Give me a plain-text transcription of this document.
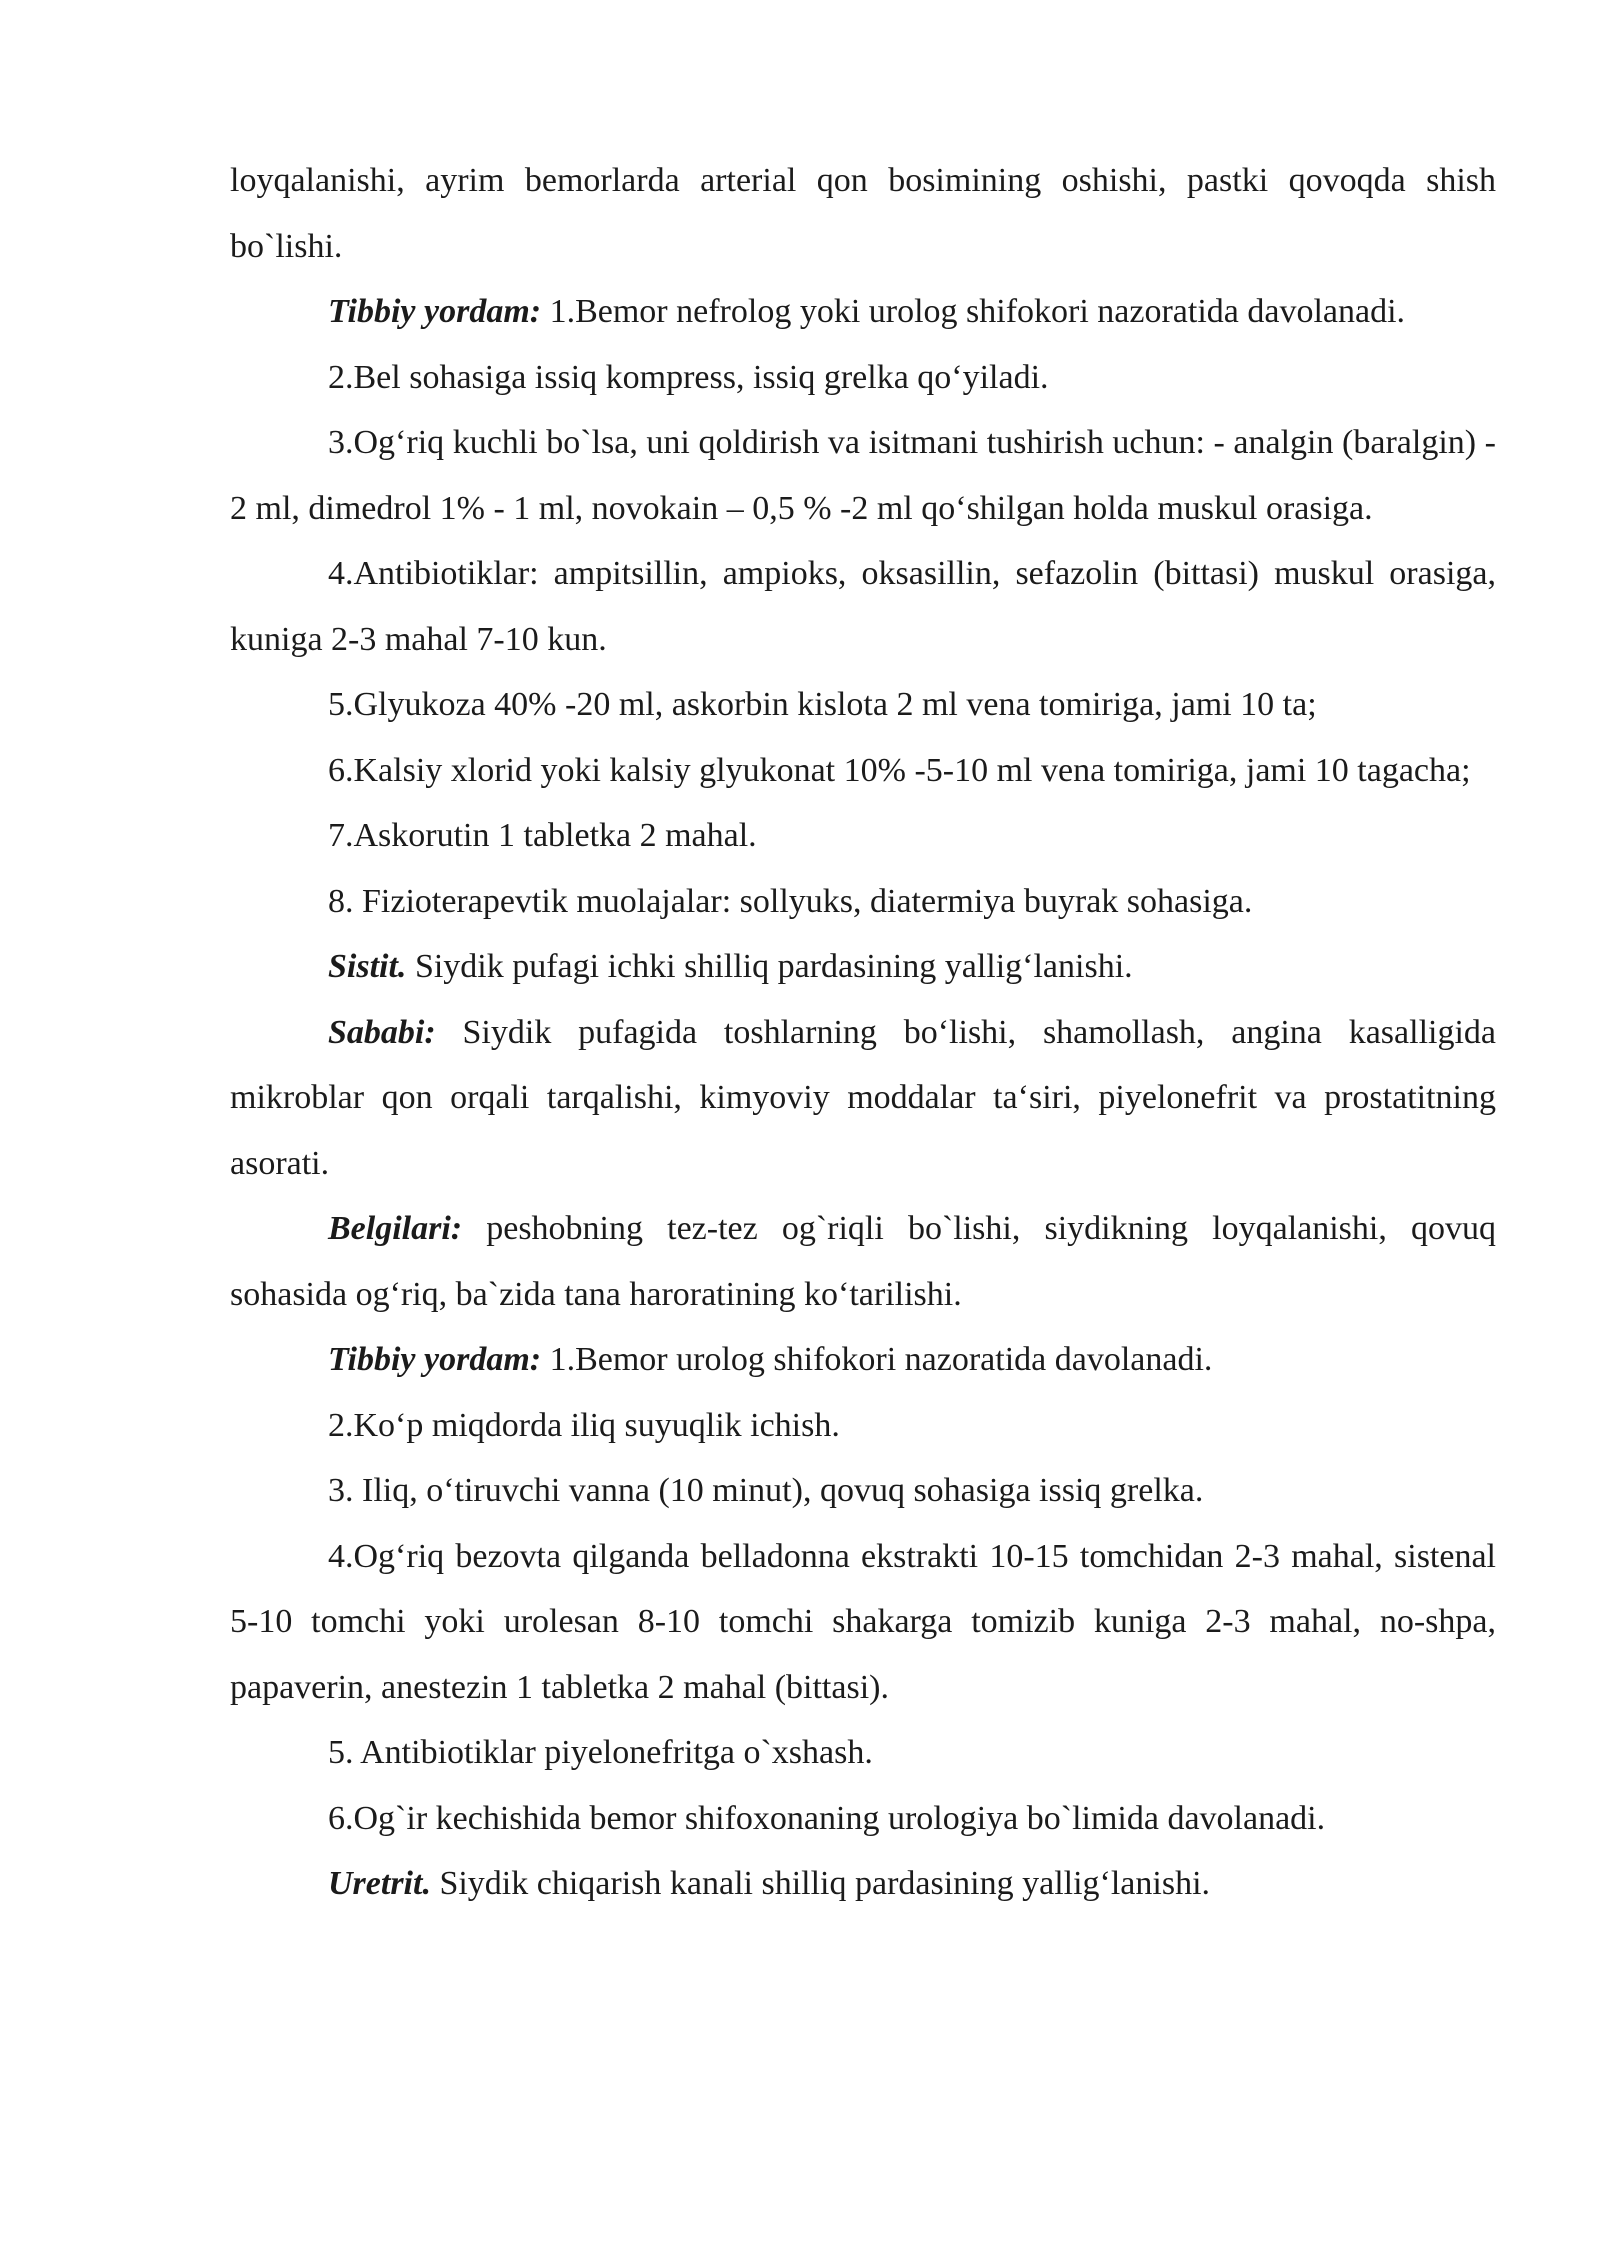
loyqalanishi, ayrim bemorlarda arterial qon bosimining oshishi, pastki qovoqda shish bo`lishi.

Tibbiy yordam: 1.Bemor nefrolog yoki urolog shifokori nazoratida davolanadi.

2.Bel sohasiga issiq kompress, issiq grelka qo‘yiladi.

3.Og‘riq kuchli bo`lsa, uni qoldirish va isitmani tushirish uchun: - analgin (baralgin) - 2 ml, dimedrol 1% - 1 ml, novokain – 0,5 % -2 ml qo‘shilgan holda muskul orasiga.

4.Antibiotiklar: ampitsillin, ampioks, oksasillin, sefazolin (bittasi) muskul orasiga, kuniga 2-3 mahal 7-10 kun.

5.Glyukoza 40% -20 ml, askorbin kislota 2 ml vena tomiriga, jami 10 ta;

6.Kalsiy xlorid yoki kalsiy glyukonat 10% -5-10 ml vena tomiriga, jami 10 tagacha;

7.Askorutin 1 tabletka 2 mahal.

8. Fizioterapevtik muolajalar: sollyuks, diatermiya buyrak sohasiga.

Sistit. Siydik pufagi ichki shilliq pardasining yallig‘lanishi.

Sababi: Siydik pufagida toshlarning bo‘lishi, shamollash, angina kasalligida mikroblar qon orqali tarqalishi, kimyoviy moddalar ta‘siri, piyelonefrit va prostatitning asorati.

Belgilari: peshobning tez-tez og`riqli bo`lishi, siydikning loyqalanishi, qovuq sohasida og‘riq, ba`zida tana haroratining ko‘tarilishi.

Tibbiy yordam: 1.Bemor urolog shifokori nazoratida davolanadi.

2.Ko‘p miqdorda iliq suyuqlik ichish.

3. Iliq, o‘tiruvchi vanna (10 minut), qovuq sohasiga issiq grelka.

4.Og‘riq bezovta qilganda belladonna ekstrakti 10-15 tomchidan 2-3 mahal, sistenal 5-10 tomchi yoki urolesan 8-10 tomchi shakarga tomizib kuniga 2-3 mahal, no-shpa, papaverin, anestezin 1 tabletka 2 mahal (bittasi).

5. Antibiotiklar piyelonefritga o`xshash.

6.Og`ir kechishida bemor shifoxonaning urologiya bo`limida davolanadi.

Uretrit. Siydik chiqarish kanali shilliq pardasining yallig‘lanishi.
